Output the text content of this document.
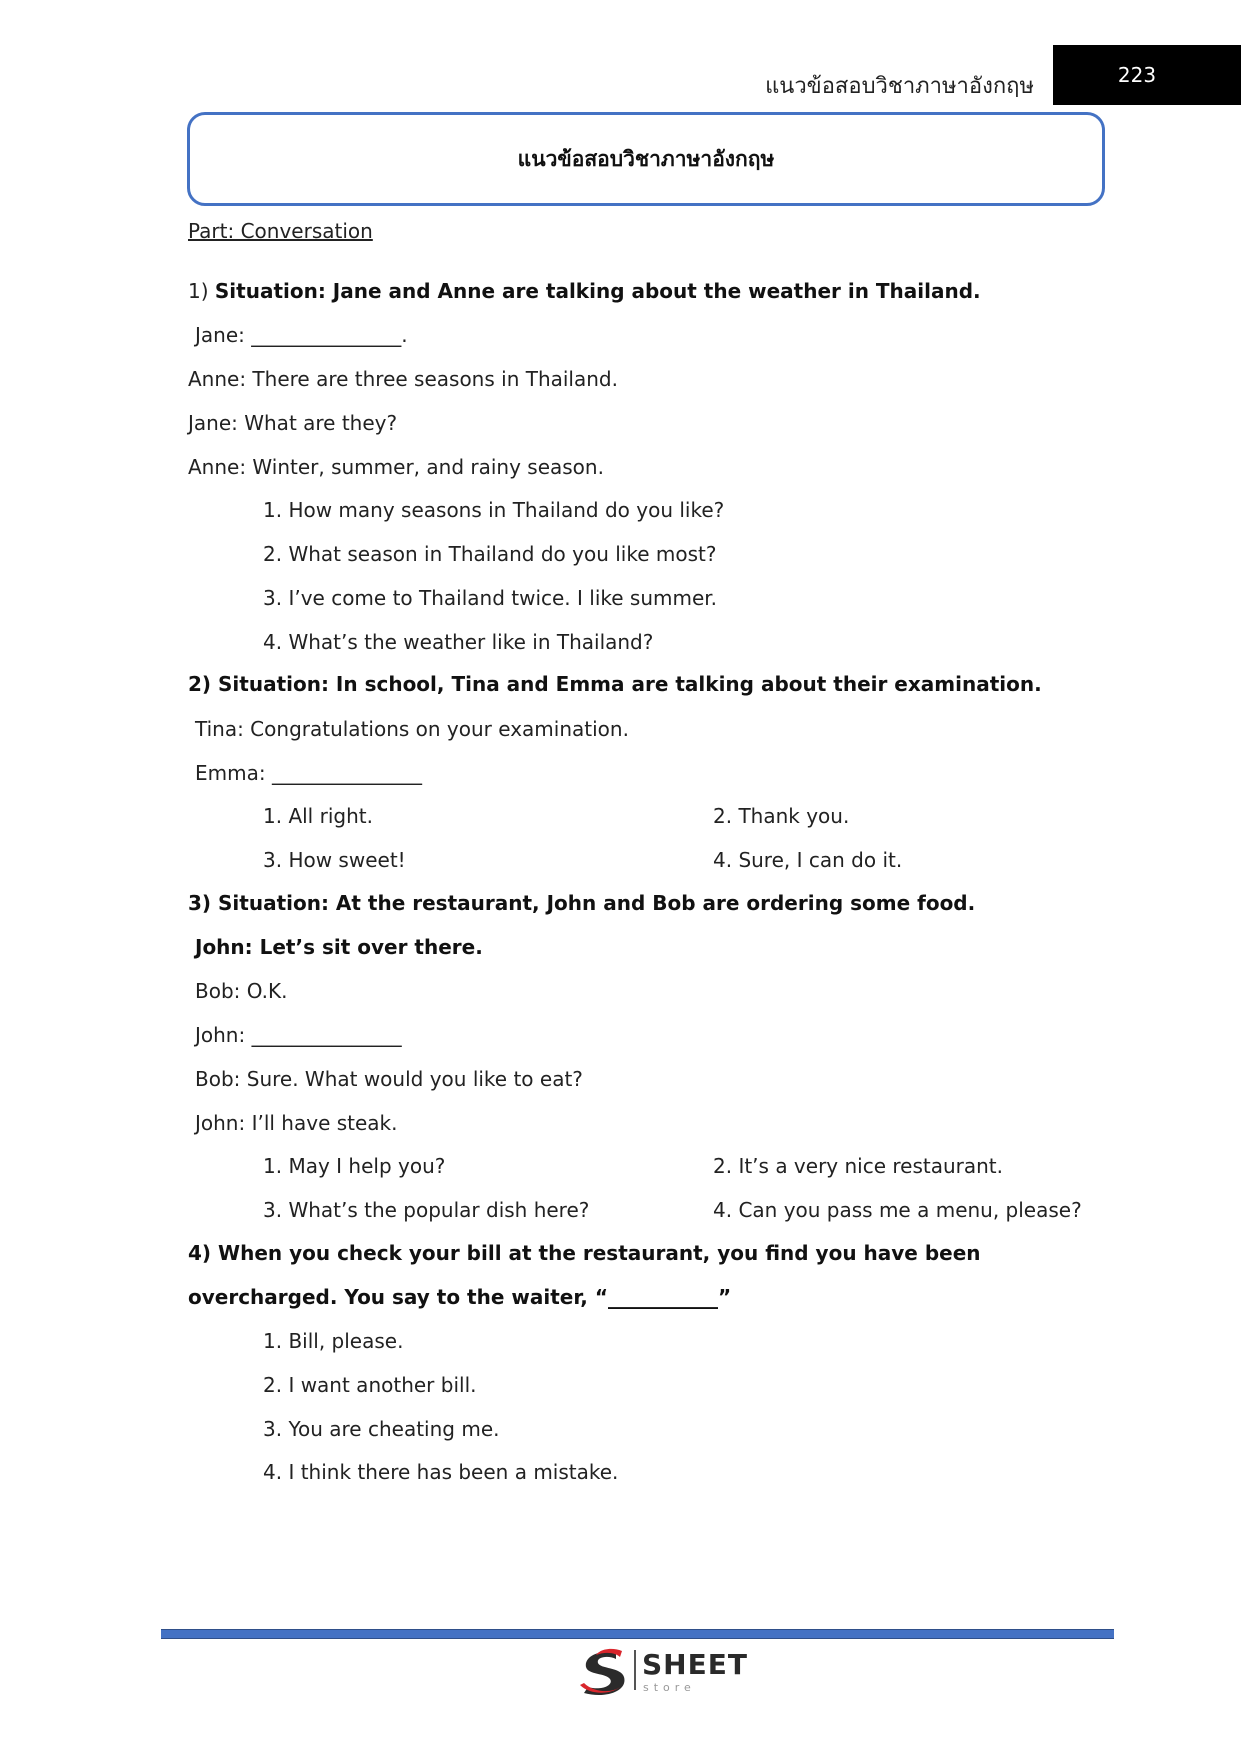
แนวข้อสอบวิชาภาษาอังกฤษ	223
แนวข้อสอบวิชาภาษาอังกฤษ
Part: Conversation
1) Situation: Jane and Anne are talking about the weather in Thailand.
Jane: _______________.
Anne: There are three seasons in Thailand.
Jane: What are they?
Anne: Winter, summer, and rainy season.
1. How many seasons in Thailand do you like?
2. What season in Thailand do you like most?
3. I’ve come to Thailand twice. I like summer.
4. What’s the weather like in Thailand?
2) Situation: In school, Tina and Emma are talking about their examination.
Tina: Congratulations on your examination.
Emma: _______________
1. All right.	2. Thank you.
3. How sweet!	4. Sure, I can do it.
3) Situation: At the restaurant, John and Bob are ordering some food.
John: Let’s sit over there.
Bob: O.K.
John: _______________
Bob: Sure. What would you like to eat?
John: I’ll have steak.
1. May I help you?	2. It’s a very nice restaurant.
3. What’s the popular dish here?	4. Can you pass me a menu, please?
4) When you check your bill at the restaurant, you find you have been
overcharged. You say to the waiter, “___________”
1. Bill, please.
2. I want another bill.
3. You are cheating me.
4. I think there has been a mistake.
SHEET
store
